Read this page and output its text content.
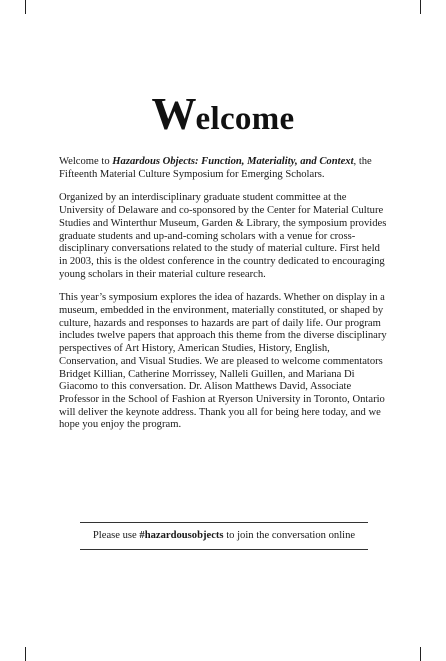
Welcome

Welcome to Hazardous Objects: Function, Materiality, and Context, the Fifteenth Material Culture Symposium for Emerging Scholars.

Organized by an interdisciplinary graduate student committee at the University of Delaware and co-sponsored by the Center for Material Culture Studies and Winterthur Museum, Garden & Library, the symposium provides graduate students and up-and-coming scholars with a venue for cross-disciplinary conversations related to the study of material culture. First held in 2003, this is the oldest conference in the country dedicated to encouraging young scholars in their material culture research.

This year’s symposium explores the idea of hazards. Whether on display in a museum, embedded in the environment, materially constituted, or shaped by culture, hazards and responses to hazards are part of daily life. Our program includes twelve papers that approach this theme from the diverse disciplinary perspectives of Art History, American Studies, History, English, Conservation, and Visual Studies. We are pleased to welcome commentators Bridget Killian, Catherine Morrissey, Nalleli Guillen, and Mariana Di Giacomo to this conversation. Dr. Alison Matthews David, Associate Professor in the School of Fashion at Ryerson University in Toronto, Ontario will deliver the keynote address. Thank you all for being here today, and we hope you enjoy the program.

Please use #hazardousobjects to join the conversation online
